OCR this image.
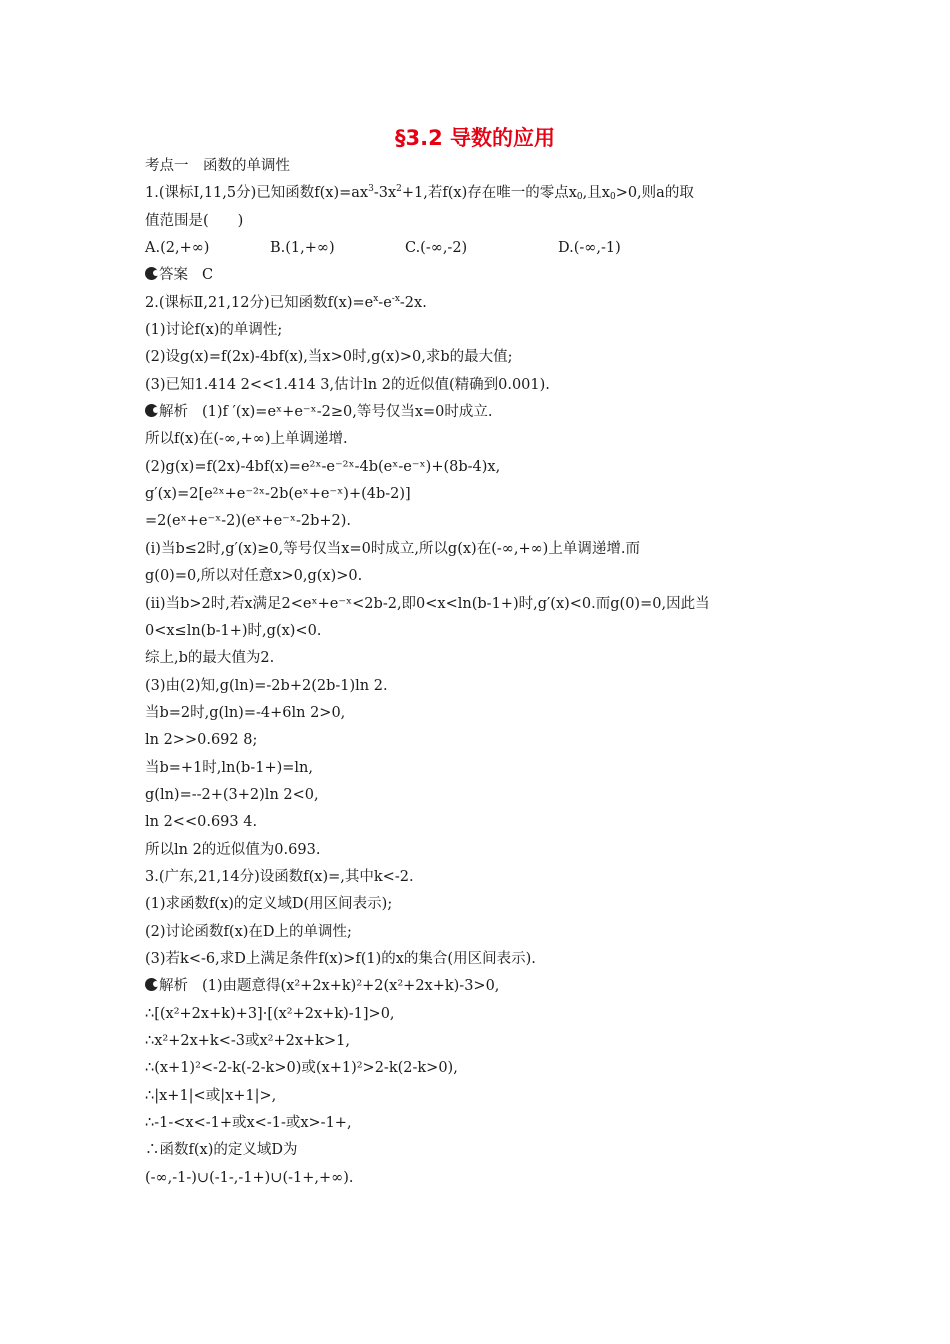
§3.2 导数的应用
考点一　函数的单调性
1.(课标Ⅰ,11,5分)已知函数$f(x)=ax^3-3x^2+1$,若f(x)存在唯一的零点$x_0$,且$x_0>0$,则a的取
值范围是(　　)
A.(2,+∞)	B.(1,+∞)	C.(-∞,-2)	D.(-∞,-1)
答案 C
2.(课标Ⅱ,21,12分)已知函数$f(x)=e^x-e^{-x}-2x$.
(1)讨论f(x)的单调性;
(2)设g(x)=f(2x)-4bf(x),当x>0时,g(x)>0,求b的最大值;
(3)已知1.414 2<<1.414 3,估计ln 2的近似值(精确到0.001).
解析 (1)f ′(x)=eˣ+e⁻ˣ-2≥0,等号仅当x=0时成立.
所以f(x)在(-∞,+∞)上单调递增.
(2)g(x)=f(2x)-4bf(x)=e²ˣ-e⁻²ˣ-4b(eˣ-e⁻ˣ)+(8b-4)x,
g′(x)=2[e²ˣ+e⁻²ˣ-2b(eˣ+e⁻ˣ)+(4b-2)]
=2(eˣ+e⁻ˣ-2)(eˣ+e⁻ˣ-2b+2).
(i)当b≤2时,g′(x)≥0,等号仅当x=0时成立,所以g(x)在(-∞,+∞)上单调递增.而
g(0)=0,所以对任意x>0,g(x)>0.
(ii)当b>2时,若x满足2<eˣ+e⁻ˣ<2b-2,即0<x<ln(b-1+)时,g′(x)<0.而g(0)=0,因此当
0<x≤ln(b-1+)时,g(x)<0.
综上,b的最大值为2.
(3)由(2)知,g(ln)=-2b+2(2b-1)ln 2.
当b=2时,g(ln)=-4+6ln 2>0,
ln 2>>0.692 8;
当b=+1时,ln(b-1+)=ln,
g(ln)=--2+(3+2)ln 2<0,
ln 2<<0.693 4.
所以ln 2的近似值为0.693.
3.(广东,21,14分)设函数f(x)=,其中k<-2.
(1)求函数f(x)的定义域D(用区间表示);
(2)讨论函数f(x)在D上的单调性;
(3)若k<-6,求D上满足条件f(x)>f(1)的x的集合(用区间表示).
解析 (1)由题意得(x²+2x+k)²+2(x²+2x+k)-3>0,
∴[(x²+2x+k)+3]·[(x²+2x+k)-1]>0,
∴x²+2x+k<-3或x²+2x+k>1,
∴(x+1)²<-2-k(-2-k>0)或(x+1)²>2-k(2-k>0),
∴|x+1|<或|x+1|>,
∴-1-<x<-1+或x<-1-或x>-1+,
∴函数f(x)的定义域D为
(-∞,-1-)∪(-1-,-1+)∪(-1+,+∞).
